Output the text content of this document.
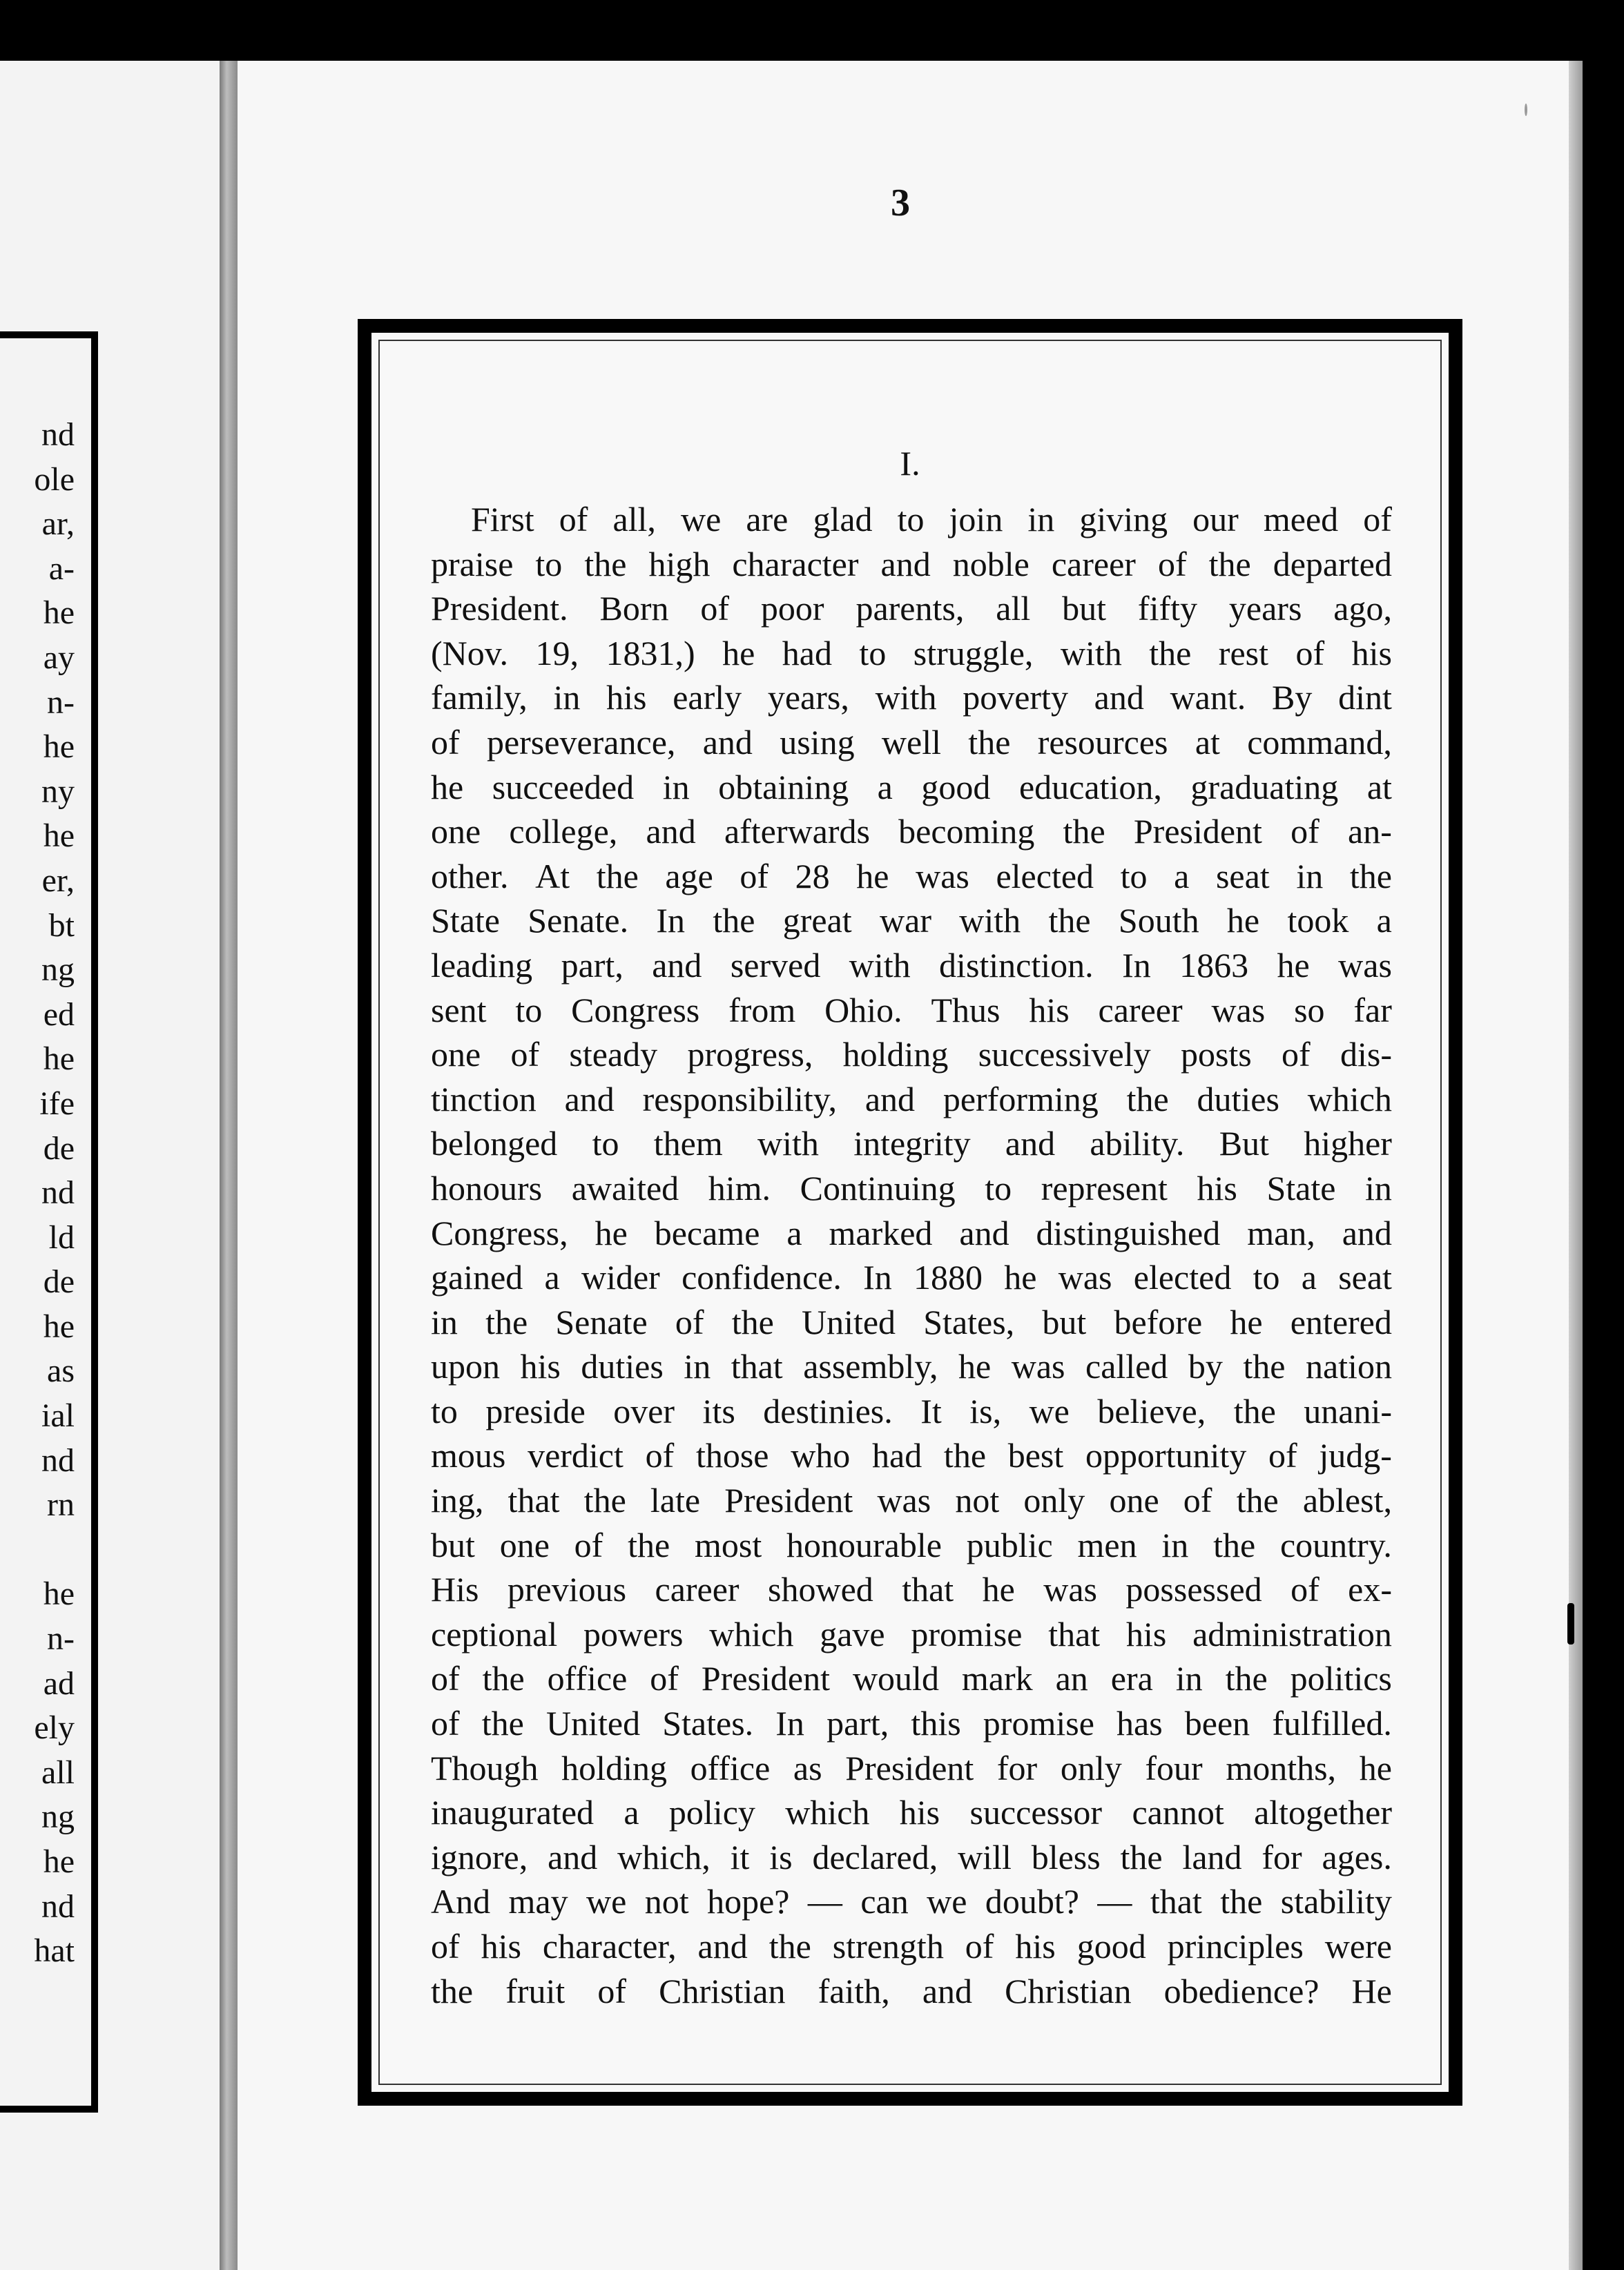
nd
ole
ar,
a-
he
ay
n-
he
ny
he
er,
bt
ng
ed
he
ife
de
nd
ld
de
he
as
ial
nd
rn
he
n-
ad
ely
all
ng
he
nd
hat
3
I.
First of all, we are glad to join in giving our meed of
praise to the high character and noble career of the departed
President. Born of poor parents, all but fifty years ago,
(Nov. 19, 1831,) he had to struggle, with the rest of his
family, in his early years, with poverty and want. By dint
of perseverance, and using well the resources at command,
he succeeded in obtaining a good education, graduating at
one college, and afterwards becoming the President of an-
other. At the age of 28 he was elected to a seat in the
State Senate. In the great war with the South he took a
leading part, and served with distinction. In 1863 he was
sent to Congress from Ohio. Thus his career was so far
one of steady progress, holding successively posts of dis-
tinction and responsibility, and performing the duties which
belonged to them with integrity and ability. But higher
honours awaited him. Continuing to represent his State in
Congress, he became a marked and distinguished man, and
gained a wider confidence. In 1880 he was elected to a seat
in the Senate of the United States, but before he entered
upon his duties in that assembly, he was called by the nation
to preside over its destinies. It is, we believe, the unani-
mous verdict of those who had the best opportunity of judg-
ing, that the late President was not only one of the ablest,
but one of the most honourable public men in the country.
His previous career showed that he was possessed of ex-
ceptional powers which gave promise that his administration
of the office of President would mark an era in the politics
of the United States. In part, this promise has been fulfilled.
Though holding office as President for only four months, he
inaugurated a policy which his successor cannot altogether
ignore, and which, it is declared, will bless the land for ages.
And may we not hope? — can we doubt? — that the stability
of his character, and the strength of his good principles were
the fruit of Christian faith, and Christian obedience? He
